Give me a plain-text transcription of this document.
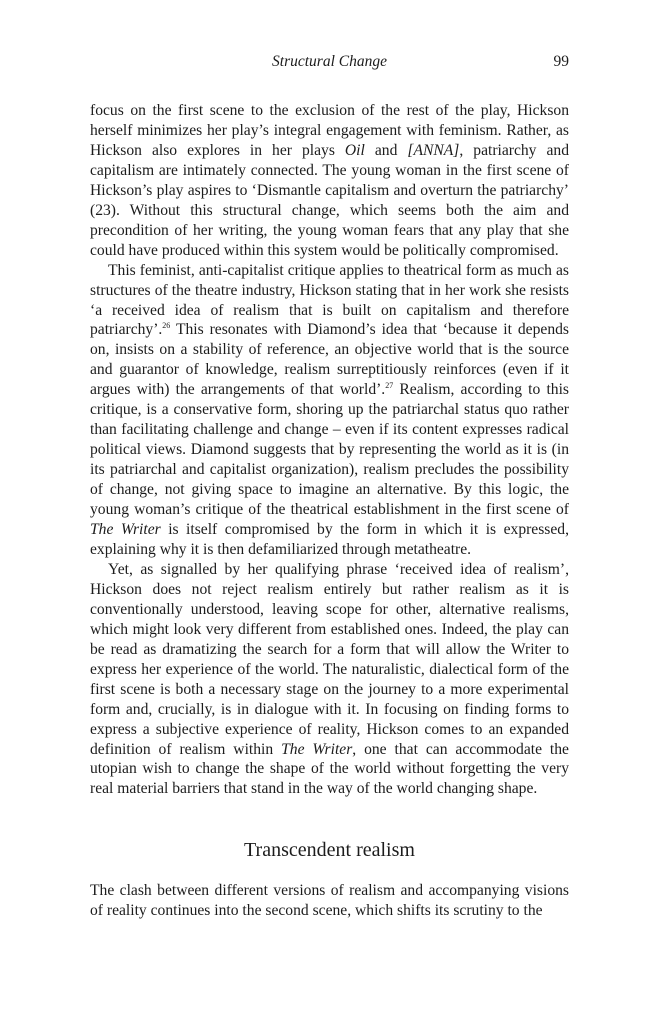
Structural Change	99

focus on the first scene to the exclusion of the rest of the play, Hickson herself minimizes her play’s integral engagement with feminism. Rather, as Hickson also explores in her plays Oil and [ANNA], patriarchy and capitalism are intimately connected. The young woman in the first scene of Hickson’s play aspires to ‘Dismantle capitalism and overturn the patriarchy’ (23). Without this structural change, which seems both the aim and precondition of her writing, the young woman fears that any play that she could have produced within this system would be politically compromised.

This feminist, anti-capitalist critique applies to theatrical form as much as structures of the theatre industry, Hickson stating that in her work she resists ‘a received idea of realism that is built on capitalism and therefore patriarchy’.$^{26}$ This resonates with Diamond’s idea that ‘because it depends on, insists on a stability of reference, an objective world that is the source and guarantor of knowledge, realism surreptitiously reinforces (even if it argues with) the arrangements of that world’.$^{27}$ Realism, according to this critique, is a conservative form, shoring up the patriarchal status quo rather than facilitating challenge and change – even if its content expresses radical political views. Diamond suggests that by representing the world as it is (in its patriarchal and capitalist organization), realism precludes the possibility of change, not giving space to imagine an alternative. By this logic, the young woman’s critique of the theatrical establishment in the first scene of The Writer is itself compromised by the form in which it is expressed, explaining why it is then defamiliarized through metatheatre.

Yet, as signalled by her qualifying phrase ‘received idea of realism’, Hickson does not reject realism entirely but rather realism as it is conventionally understood, leaving scope for other, alternative realisms, which might look very different from established ones. Indeed, the play can be read as dramatizing the search for a form that will allow the Writer to express her experience of the world. The naturalistic, dialectical form of the first scene is both a necessary stage on the journey to a more experimental form and, crucially, is in dialogue with it. In focusing on finding forms to express a subjective experience of reality, Hickson comes to an expanded definition of realism within The Writer, one that can accommodate the utopian wish to change the shape of the world without forgetting the very real material barriers that stand in the way of the world changing shape.

Transcendent realism

The clash between different versions of realism and accompanying visions of reality continues into the second scene, which shifts its scrutiny to the
